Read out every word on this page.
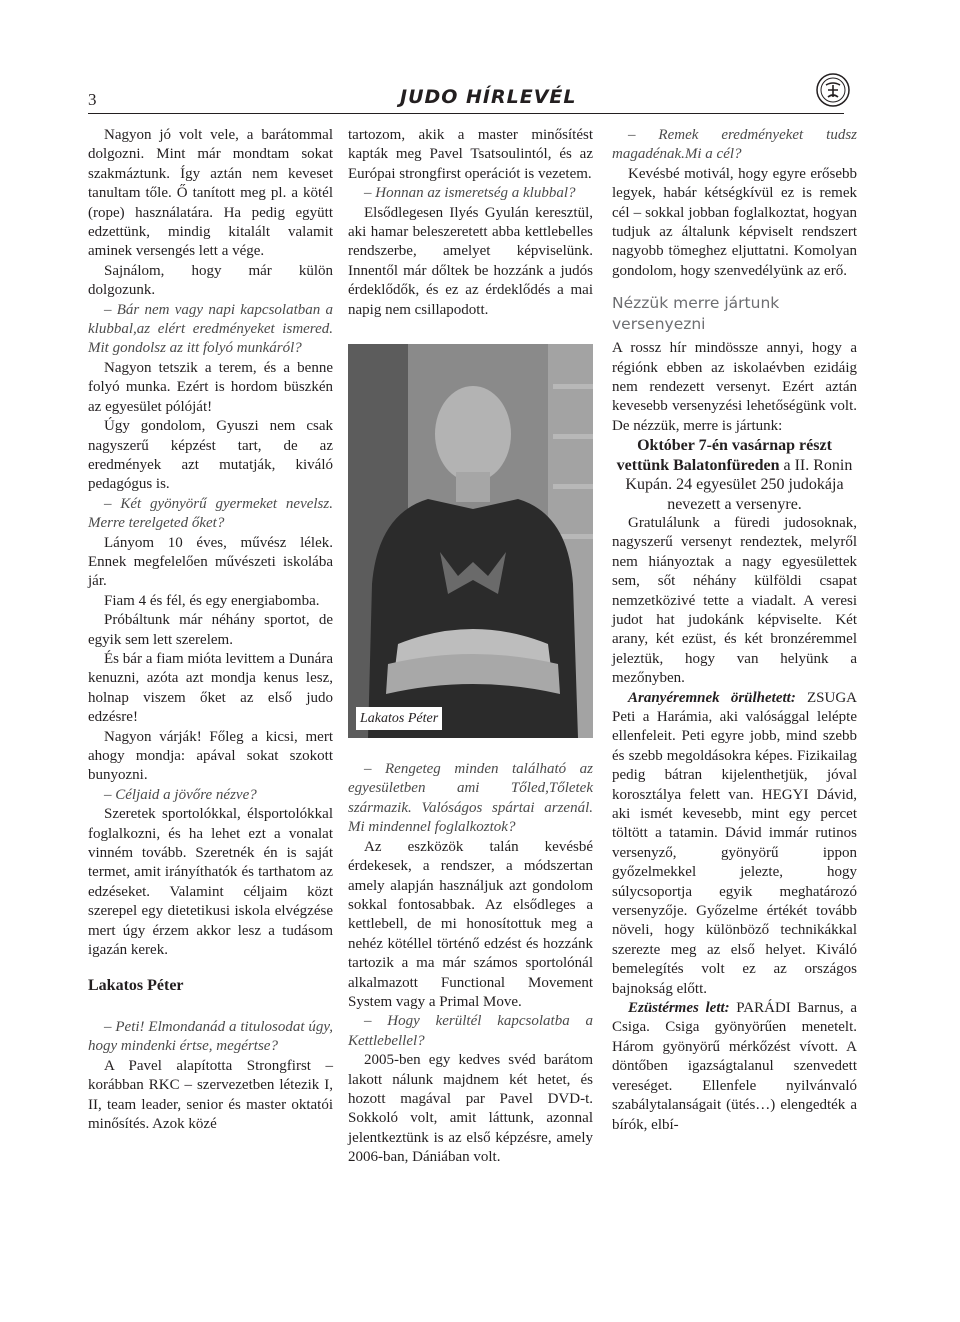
3	JUDO HÍRLEVÉL

Nagyon jó volt vele, a barátommal dolgozni. Mint már mondtam sokat szakmáztunk. Így aztán nem keveset tanultam tőle. Ő tanított meg pl. a kötél (rope) használatára. Ha pedig együtt edzettünk, mindig kitalált valamit aminek versengés lett a vége.

Sajnálom, hogy már külön dolgozunk.

– Bár nem vagy napi kapcsolatban a klubbal,az elért eredményeket ismered. Mit gondolsz az itt folyó munkáról?

Nagyon tetszik a terem, és a benne folyó munka. Ezért is hordom büszkén az egyesület pólóját!

Úgy gondolom, Gyuszi nem csak nagyszerű képzést tart, de az eredmények azt mutatják, kiváló pedagógus is.

– Két gyönyörű gyermeket nevelsz. Merre terelgeted őket?

Lányom 10 éves, művész lélek. Ennek megfelelően művészeti iskolába jár.

Fiam 4 és fél, és egy energiabomba.

Próbáltunk már néhány sportot, de egyik sem lett szerelem.

És bár a fiam mióta levittem a Dunára kenuzni, azóta azt mondja kenus lesz, holnap viszem őket az első judo edzésre!

Nagyon várják! Főleg a kicsi, mert ahogy mondja: apával sokat szokott bunyozni.

– Céljaid a jövőre nézve?

Szeretek sportolókkal, élsportolókkal foglalkozni, és ha lehet ezt a vonalat vinném tovább. Szeretnék én is saját termet, amit irányíthatók és tarthatom az edzéseket. Valamint céljaim közt szerepel egy dietetikusi iskola elvégzése mert úgy érzem akkor lesz a tudásom igazán kerek.

Lakatos Péter

– Peti! Elmondanád a titulosodat úgy, hogy mindenki értse, megértse?

A Pavel alapította Strongfirst – korábban RKC – szervezetben létezik I, II, team leader, senior és master oktatói minősítés. Azok közé

tartozom, akik a master minősítést kapták meg Pavel Tsatsoulintól, és az Európai strongfirst operációt is vezetem.

– Honnan az ismeretség a klubbal?

Elsődlegesen Ilyés Gyulán keresztül, aki hamar beleszeretett abba kettlebelles rendszerbe, amelyet képviselünk. Innentől már dőltek be hozzánk a judós érdeklődők, és ez az érdeklődés a mai napig nem csillapodott.

Lakatos Péter

– Rengeteg minden található az egyesületben ami Tőled,Tőletek származik. Valóságos spártai arzenál. Mi mindennel foglalkoztok?

Az eszközök talán kevésbé érdekesek, a rendszer, a módszertan amely alapján használjuk azt gondolom sokkal fontosabbak. Az elsődleges a kettlebell, de mi honosítottuk meg a nehéz kötéllel történő edzést és hozzánk tartozik a ma már számos sportolónál alkalmazott Functional Movement System vagy a Primal Move.

– Hogy kerültél kapcsolatba a Kettlebellel?

2005-ben egy kedves svéd barátom lakott nálunk majdnem két hetet, és hozott magával par Pavel DVD-t. Sokkoló volt, amit láttunk, azonnal jelentkeztünk is az első képzésre, amely 2006-ban, Dániában volt.

– Remek eredményeket tudsz magadénak.Mi a cél?

Kevésbé motivál, hogy egyre erősebb legyek, habár kétségkívül ez is remek cél – sokkal jobban foglalkoztat, hogyan tudjuk az általunk képviselt rendszert nagyobb tömeghez eljuttatni. Komolyan gondolom, hogy szenvedélyünk az erő.

Nézzük merre jártunk versenyezni

A rossz hír mindössze annyi, hogy a régiónk ebben az iskolaévben ezidáig nem rendezett versenyt. Ezért aztán kevesebb versenyzési lehetőségünk volt. De nézzük, merre is jártunk:

Október 7-én vasárnap részt vettünk Balatonfüreden a II. Ronin Kupán. 24 egyesület 250 judokája nevezett a versenyre.

Gratulálunk a füredi judosoknak, nagyszerű versenyt rendeztek, melyről nem hiányoztak a nagy egyesülettek sem, sőt néhány külföldi csapat nemzetközivé tette a viadalt. A veresi judot hat judokánk képviselte. Két arany, két ezüst, és két bronzéremmel jeleztük, hogy van helyünk a mezőnyben.

Aranyéremnek örülhetett: ZSUGA Peti a Harámia, aki valósággal lelépte ellenfeleit. Peti egyre jobb, mind szebb és szebb megoldásokra képes. Fizikailag pedig bátran kijelenthetjük, jóval korosztálya felett van. HEGYI Dávid, aki ismét kevesebb, mint egy percet töltött a tatamin. Dávid immár rutinos versenyző, gyönyörű ippon győzelmekkel jelezte, hogy súlycsoportja egyik meghatározó versenyzője. Győzelme értékét tovább növeli, hogy különböző technikákkal szerezte meg az első helyet. Kiváló bemelegítés volt ez az országos bajnokság előtt.

Ezüstérmes lett: PARÁDI Barnus, a Csiga. Csiga gyönyörűen menetelt. Három gyönyörű mérkőzést vívott. A döntőben igazságtalanul szenvedett vereséget. Ellenfele nyilvánvaló szabálytalanságait (ütés…) elengedték a bírók, elbí-
